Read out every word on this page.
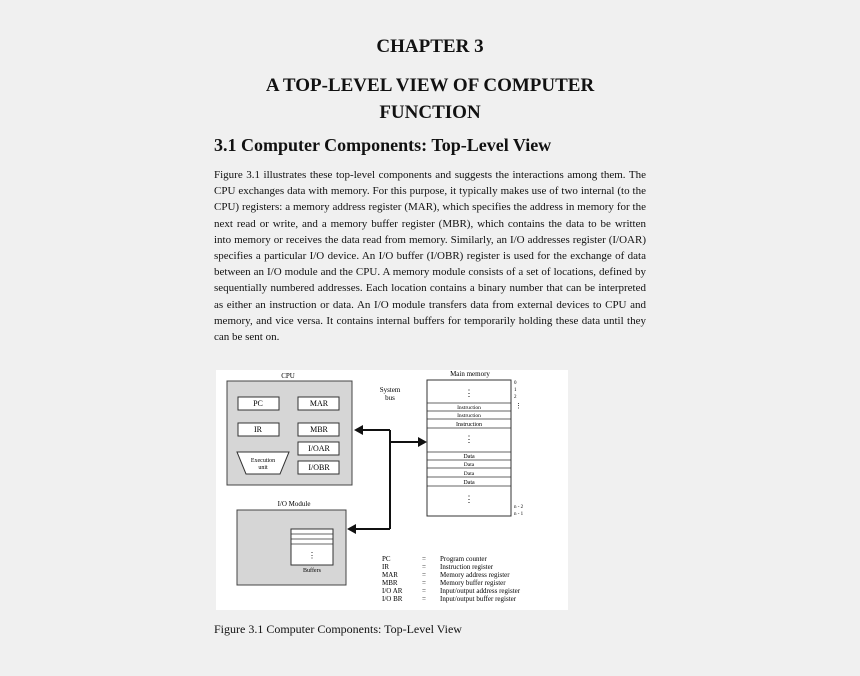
CHAPTER 3
A TOP-LEVEL VIEW OF COMPUTER
FUNCTION
3.1 Computer Components: Top-Level View
Figure 3.1 illustrates these top-level components and suggests the interactions among them. The CPU exchanges data with memory. For this purpose, it typically makes use of two internal (to the CPU) registers: a memory address register (MAR), which specifies the address in memory for the next read or write, and a memory buffer register (MBR), which contains the data to be written into memory or receives the data read from memory. Similarly, an I/O addresses register (I/OAR) specifies a particular I/O device. An I/O buffer (I/OBR) register is used for the exchange of data between an I/O module and the CPU. A memory module consists of a set of locations, defined by sequentially numbered addresses. Each location contains a binary number that can be interpreted as either an instruction or data. An I/O module transfers data from external devices to CPU and memory, and vice versa. It contains internal buffers for temporarily holding these data until they can be sent on.
CPU
PC
IR
MAR
MBR
I/OAR
I/OBR
Execution
unit
System
bus
Main memory
⋮
Instruction
Instruction
Instruction
⋮
Data
Data
Data
Data
⋮
0
1
2
⋮
n - 2
n - 1
I/O Module
⋮
Buffers
PC	= Program counter
IR	= Instruction register
MAR	= Memory address register
MBR	= Memory buffer register
I/O AR	= Input/output address register
I/O BR	= Input/output buffer register
Figure 3.1 Computer Components: Top-Level View
